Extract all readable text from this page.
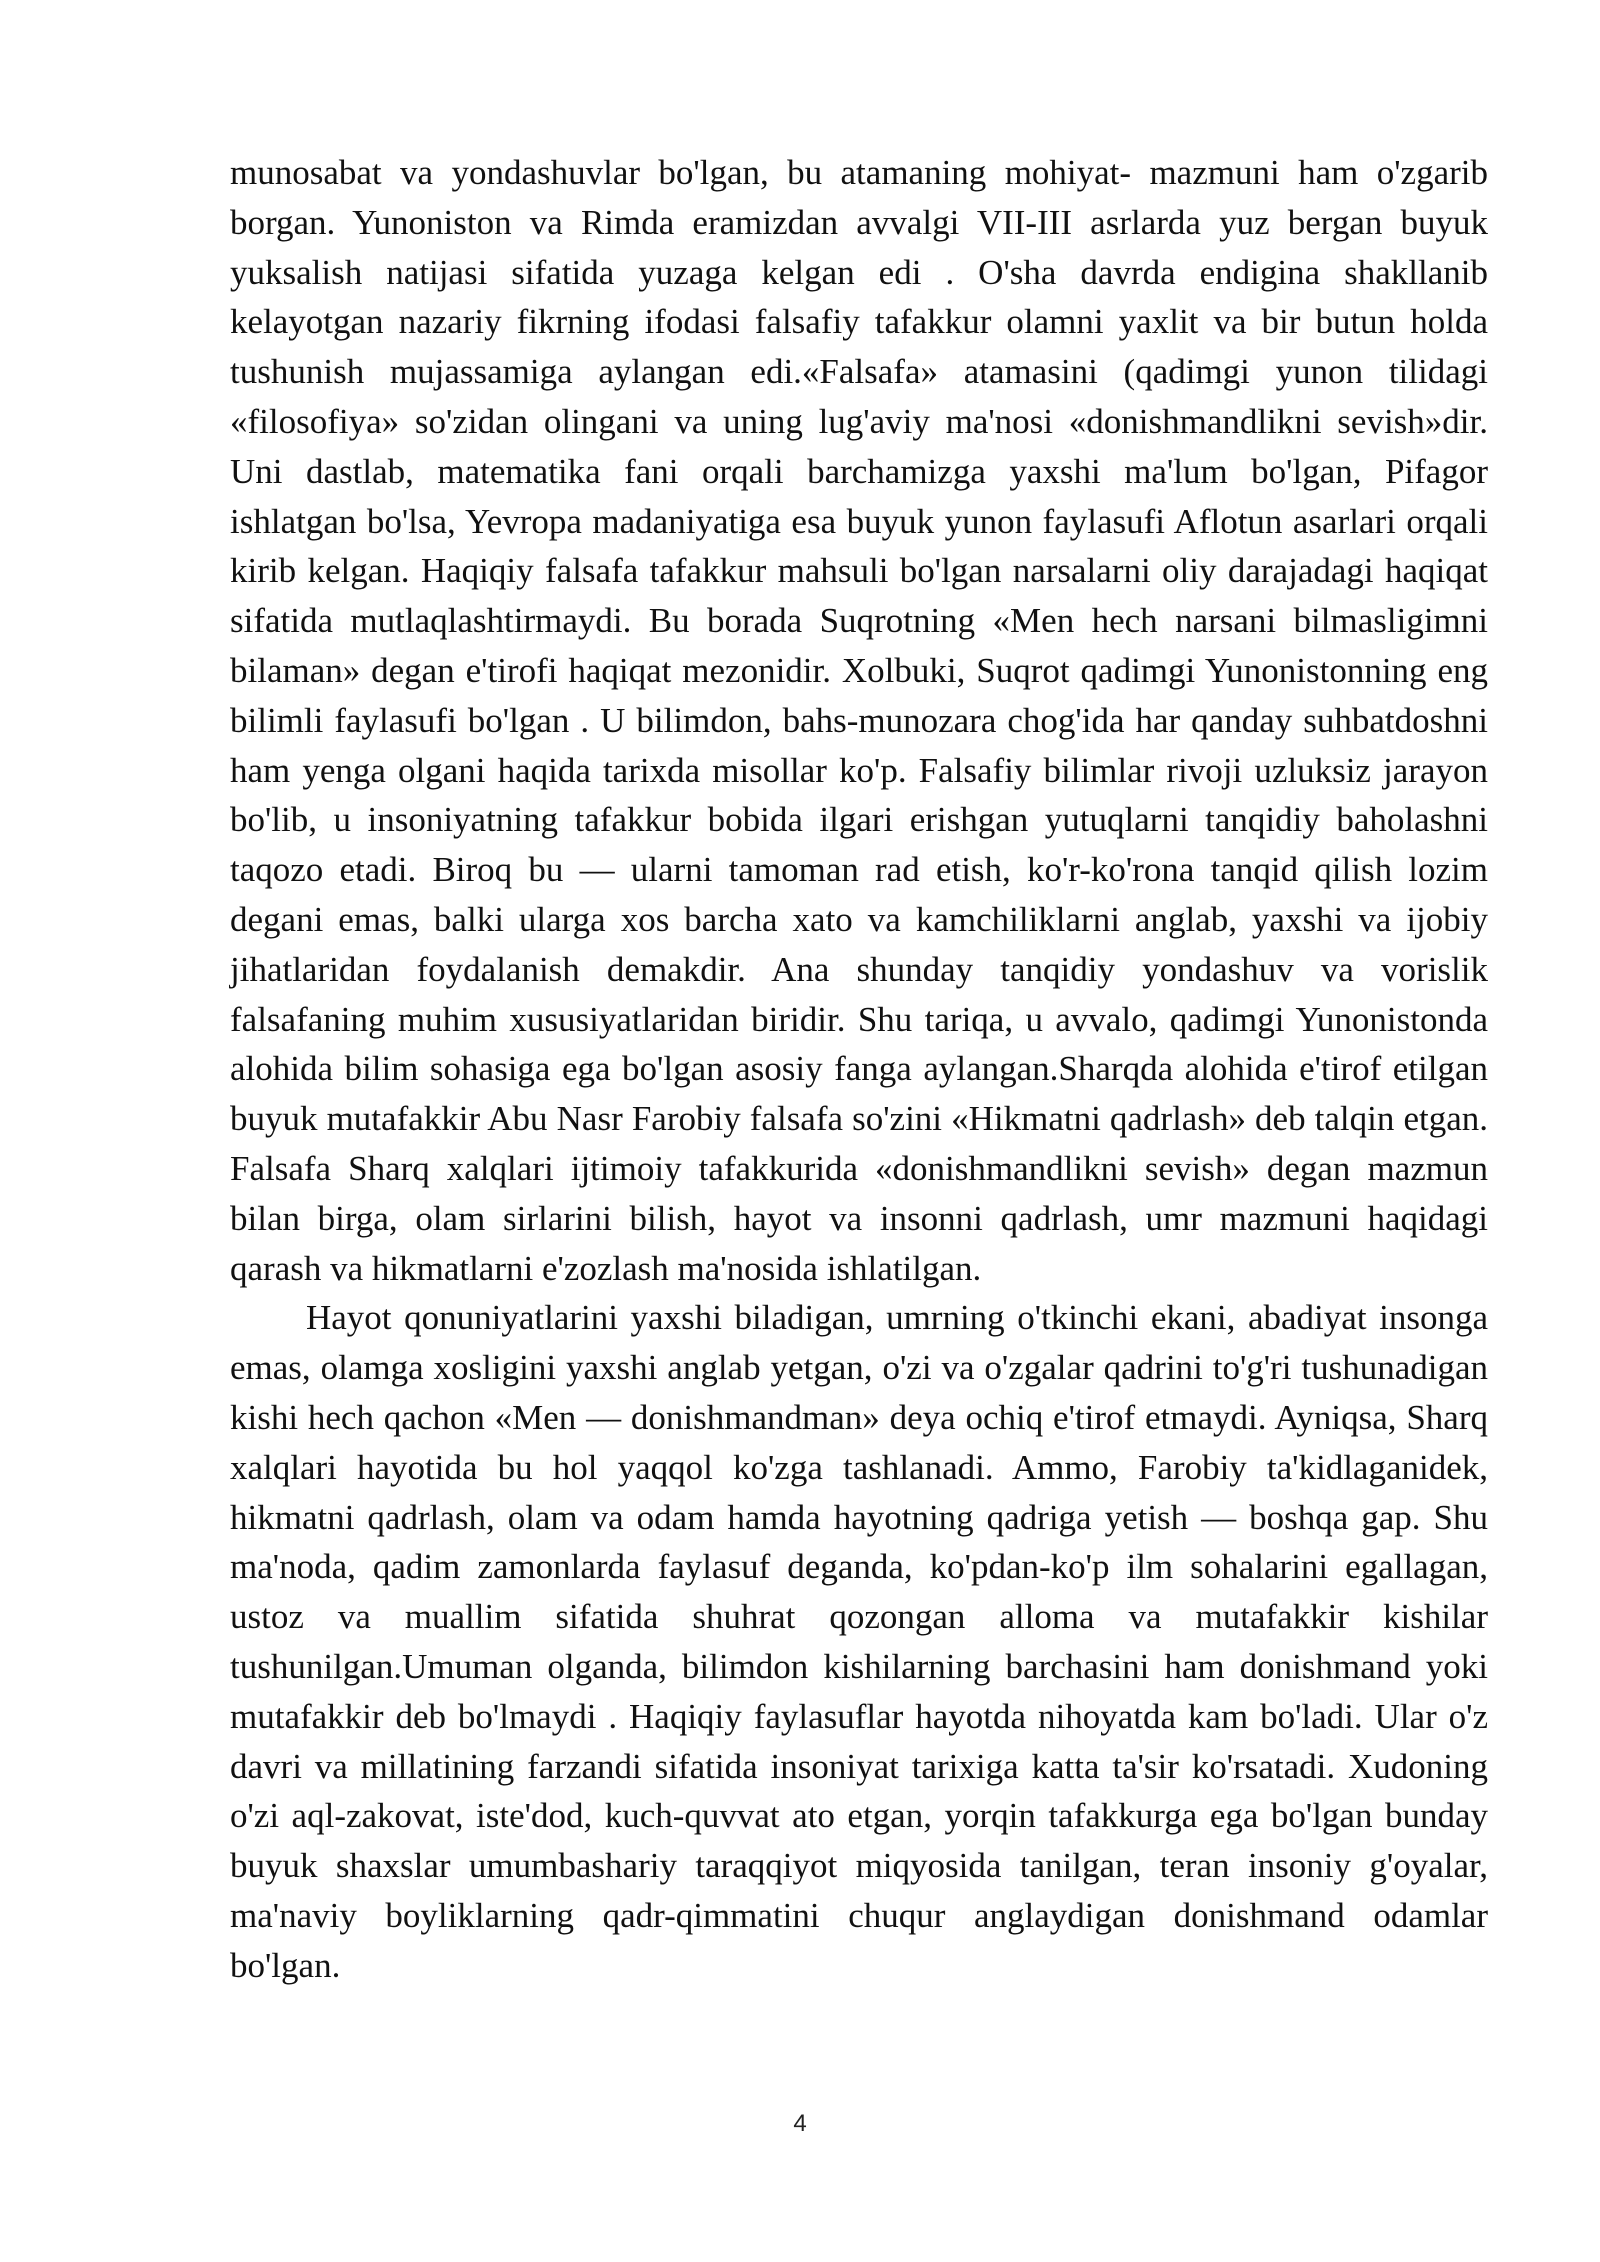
munosabat va yondashuvlar bo'lgan, bu atamaning mohiyat- mazmuni ham o'zgarib borgan. Yunoniston va Rimda eramizdan avvalgi VII-III asrlarda yuz bergan buyuk yuksalish natijasi sifatida yuzaga kelgan edi . O'sha davrda endigina shakllanib kelayotgan nazariy fikrning ifodasi falsafiy tafakkur olamni yaxlit va bir butun holda tushunish mujassamiga aylangan edi.«Falsafa» atamasini (qadimgi yunon tilidagi «filosofiya» so'zidan olingani va uning lug'aviy ma'nosi «donishmandlikni sevish»dir. Uni dastlab, matematika fani orqali barchamizga yaxshi ma'lum bo'lgan, Pifagor ishlatgan bo'lsa, Yevropa madaniyatiga esa buyuk yunon faylasufi Aflotun asarlari orqali kirib kelgan. Haqiqiy falsafa tafakkur mahsuli bo'lgan narsalarni oliy darajadagi haqiqat sifatida mutlaqlashtirmaydi. Bu borada Suqrotning «Men hech narsani bilmasligimni bilaman» degan e'tirofi haqiqat mezonidir. Xolbuki, Suqrot qadimgi Yunonistonning eng bilimli faylasufi bo'lgan . U bilimdon, bahs-munozara chog'ida har qanday suhbatdoshni ham yenga olgani haqida tarixda misollar ko'p. Falsafiy bilimlar rivoji uzluksiz jarayon bo'lib, u insoniyatning tafakkur bobida ilgari erishgan yutuqlarni tanqidiy baholashni taqozo etadi. Biroq bu — ularni tamoman rad etish, ko'r-ko'rona tanqid qilish lozim degani emas, balki ularga xos barcha xato va kamchiliklarni anglab, yaxshi va ijobiy jihatlaridan foydalanish demakdir. Ana shunday tanqidiy yondashuv va vorislik falsafaning muhim xususiyatlaridan biridir. Shu tariqa, u avvalo, qadimgi Yunonistonda alohida bilim sohasiga ega bo'lgan asosiy fanga aylangan.Sharqda alohida e'tirof etilgan buyuk mutafakkir Abu Nasr Farobiy falsafa so'zini «Hikmatni qadrlash» deb talqin etgan. Falsafa Sharq xalqlari ijtimoiy tafakkurida «donishmandlikni sevish» degan mazmun bilan birga, olam sirlarini bilish, hayot va insonni qadrlash, umr mazmuni haqidagi qarash va hikmatlarni e'zozlash ma'nosida ishlatilgan.

Hayot qonuniyatlarini yaxshi biladigan, umrning o'tkinchi ekani, abadiyat insonga emas, olamga xosligini yaxshi anglab yetgan, o'zi va o'zgalar qadrini to'g'ri tushunadigan kishi hech qachon «Men — donishmandman» deya ochiq e'tirof etmaydi. Ayniqsa, Sharq xalqlari hayotida bu hol yaqqol ko'zga tashlanadi. Ammo, Farobiy ta'kidlaganidek, hikmatni qadrlash, olam va odam hamda hayotning qadriga yetish — boshqa gap. Shu ma'noda, qadim zamonlarda faylasuf deganda, ko'pdan-ko'p ilm sohalarini egallagan, ustoz va muallim sifatida shuhrat qozongan alloma va mutafakkir kishilar tushunilgan.Umuman olganda, bilimdon kishilarning barchasini ham donishmand yoki mutafakkir deb bo'lmaydi . Haqiqiy faylasuflar hayotda nihoyatda kam bo'ladi. Ular o'z davri va millatining farzandi sifatida insoniyat tarixiga katta ta'sir ko'rsatadi. Xudoning o'zi aql-zakovat, iste'dod, kuch-quvvat ato etgan, yorqin tafakkurga ega bo'lgan bunday buyuk shaxslar umumbashariy taraqqiyot miqyosida tanilgan, teran insoniy g'oyalar, ma'naviy boyliklarning qadr-qimmatini chuqur anglaydigan donishmand odamlar bo'lgan.

4
